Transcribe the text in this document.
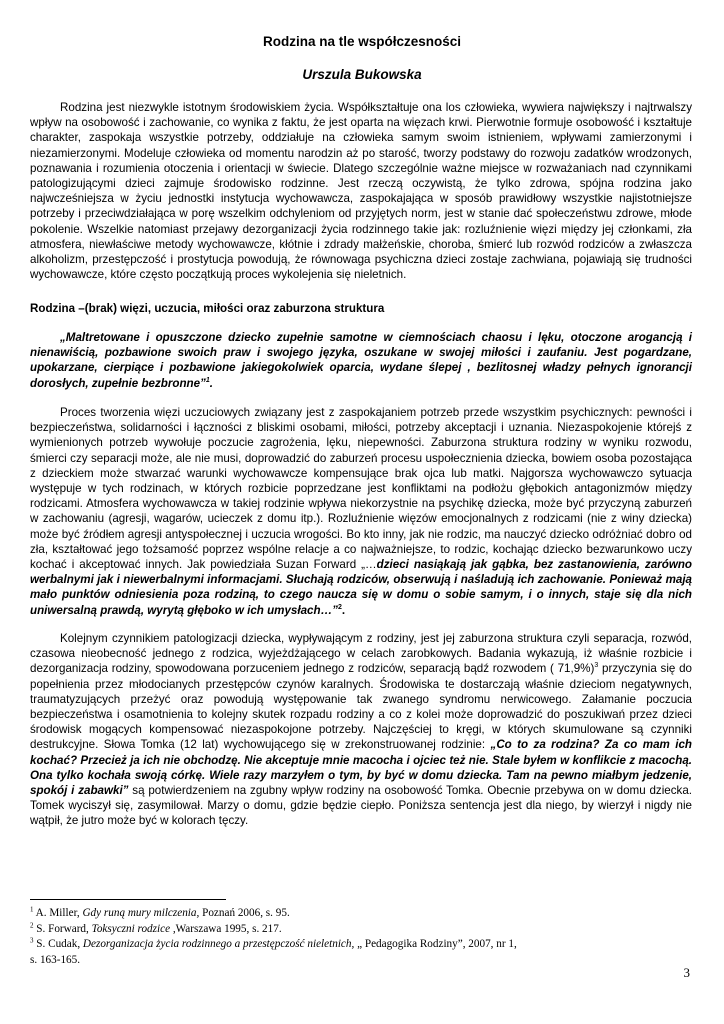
Rodzina na tle współczesności
Urszula Bukowska

Rodzina jest niezwykle istotnym środowiskiem życia. Współkształtuje ona los człowieka, wywiera największy i najtrwalszy wpływ na osobowość i zachowanie, co wynika z faktu, że jest oparta na więzach krwi. Pierwotnie formuje osobowość i kształtuje charakter, zaspokaja wszystkie potrzeby, oddziałuje na człowieka samym swoim istnieniem, wpływami zamierzonymi i niezamierzonymi. Modeluje człowieka od momentu narodzin aż po starość, tworzy podstawy do rozwoju zadatków wrodzonych, poznawania i rozumienia otoczenia i orientacji w świecie. Dlatego szczególnie ważne miejsce w rozważaniach nad czynnikami patologizującymi dzieci zajmuje środowisko rodzinne. Jest rzeczą oczywistą, że tylko zdrowa, spójna rodzina jako najwcześniejsza w życiu jednostki instytucja wychowawcza, zaspokajająca w sposób prawidłowy wszystkie najistotniejsze potrzeby i przeciwdziałająca w porę wszelkim odchyleniom od przyjętych norm, jest w stanie dać społeczeństwu zdrowe, młode pokolenie. Wszelkie natomiast przejawy dezorganizacji życia rodzinnego takie jak: rozluźnienie więzi między jej członkami, zła atmosfera, niewłaściwe metody wychowawcze, kłótnie i zdrady małżeńskie, choroba, śmierć lub rozwód rodziców a zwłaszcza alkoholizm, przestępczość i prostytucja powodują, że równowaga psychiczna dzieci zostaje zachwiana, pojawiają się trudności wychowawcze, które często początkują proces wykolejenia się nieletnich.

Rodzina –(brak) więzi, uczucia, miłości oraz zaburzona struktura

„Maltretowane i opuszczone dziecko zupełnie samotne w ciemnościach chaosu i lęku, otoczone arogancją i nienawiścią, pozbawione swoich praw i swojego języka, oszukane w swojej miłości i zaufaniu. Jest pogardzane, upokarzane, cierpiące i pozbawione jakiegokolwiek oparcia, wydane ślepej , bezlitosnej władzy pełnych ignorancji dorosłych, zupełnie bezbronne”$^1$.

Proces tworzenia więzi uczuciowych związany jest z zaspokajaniem potrzeb przede wszystkim psychicznych: pewności i bezpieczeństwa, solidarności i łączności z bliskimi osobami, miłości, potrzeby akceptacji i uznania. Niezaspokojenie którejś z wymienionych potrzeb wywołuje poczucie zagrożenia, lęku, niepewności. Zaburzona struktura rodziny w wyniku rozwodu, śmierci czy separacji może, ale nie musi, doprowadzić do zaburzeń procesu uspołecznienia dziecka, bowiem osoba pozostająca z dzieckiem może stwarzać warunki wychowawcze kompensujące brak ojca lub matki. Najgorsza wychowawczo sytuacja występuje w tych rodzinach, w których rozbicie poprzedzane jest konfliktami na podłożu głębokich antagonizmów między rodzicami. Atmosfera wychowawcza w takiej rodzinie wpływa niekorzystnie na psychikę dziecka, może być przyczyną zaburzeń w zachowaniu (agresji, wagarów, ucieczek z domu itp.). Rozluźnienie więzów emocjonalnych z rodzicami (nie z winy dziecka) może być źródłem agresji antyspołecznej i uczucia wrogości. Bo kto inny, jak nie rodzic, ma nauczyć dziecko odróżniać dobro od zła, kształtować jego tożsamość poprzez wspólne relacje a co najważniejsze, to rodzic, kochając dziecko bezwarunkowo uczy kochać i akceptować innych. Jak powiedziała Suzan Forward „…dzieci nasiąkają jak gąbka, bez zastanowienia, zarówno werbalnymi jak i niewerbalnymi informacjami. Słuchają rodziców, obserwują i naśladują ich zachowanie. Ponieważ mają mało punktów odniesienia poza rodziną, to czego naucza się w domu o sobie samym, i o innych, staje się dla nich uniwersalną prawdą, wyrytą głęboko w ich umysłach…”$^2$.

Kolejnym czynnikiem patologizacji dziecka, wypływającym z rodziny, jest jej zaburzona struktura czyli separacja, rozwód, czasowa nieobecność jednego z rodzica, wyjeżdżającego w celach zarobkowych. Badania wykazują, iż właśnie rozbicie i dezorganizacja rodziny, spowodowana porzuceniem jednego z rodziców, separacją bądź rozwodem ( 71,9%)$^3$ przyczynia się do popełnienia przez młodocianych przestępców czynów karalnych. Środowiska te dostarczają właśnie dzieciom negatywnych, traumatyzujących przeżyć oraz powodują występowanie tak zwanego syndromu nerwicowego. Załamanie poczucia bezpieczeństwa i osamotnienia to kolejny skutek rozpadu rodziny a co z kolei może doprowadzić do poszukiwań przez dzieci środowisk mogących kompensować niezaspokojone potrzeby. Najczęściej to kręgi, w których skumulowane są czynniki destrukcyjne. Słowa Tomka (12 lat) wychowującego się w zrekonstruowanej rodzinie: „Co to za rodzina? Za co mam ich kochać? Przecież ja ich nie obchodzę. Nie akceptuje mnie macocha i ojciec też nie. Stale byłem w konflikcie z macochą. Ona tylko kochała swoją córkę. Wiele razy marzyłem o tym, by być w domu dziecka. Tam na pewno miałbym jedzenie, spokój i zabawki” są potwierdzeniem na zgubny wpływ rodziny na osobowość Tomka. Obecnie przebywa on w domu dziecka. Tomek wyciszył się, zasymilował. Marzy o domu, gdzie będzie ciepło. Poniższa sentencja jest dla niego, by wierzył i nigdy nie wątpił, że jutro może być w kolorach tęczy.

$^1$ A. Miller, Gdy runą mury milczenia, Poznań 2006, s. 95.
$^2$ S. Forward, Toksyczni rodzice ,Warszawa 1995, s. 217.
$^3$ S. Cudak, Dezorganizacja życia rodzinnego a przestępczość nieletnich, „ Pedagogika Rodziny”, 2007, nr 1,
s. 163-165.
3
